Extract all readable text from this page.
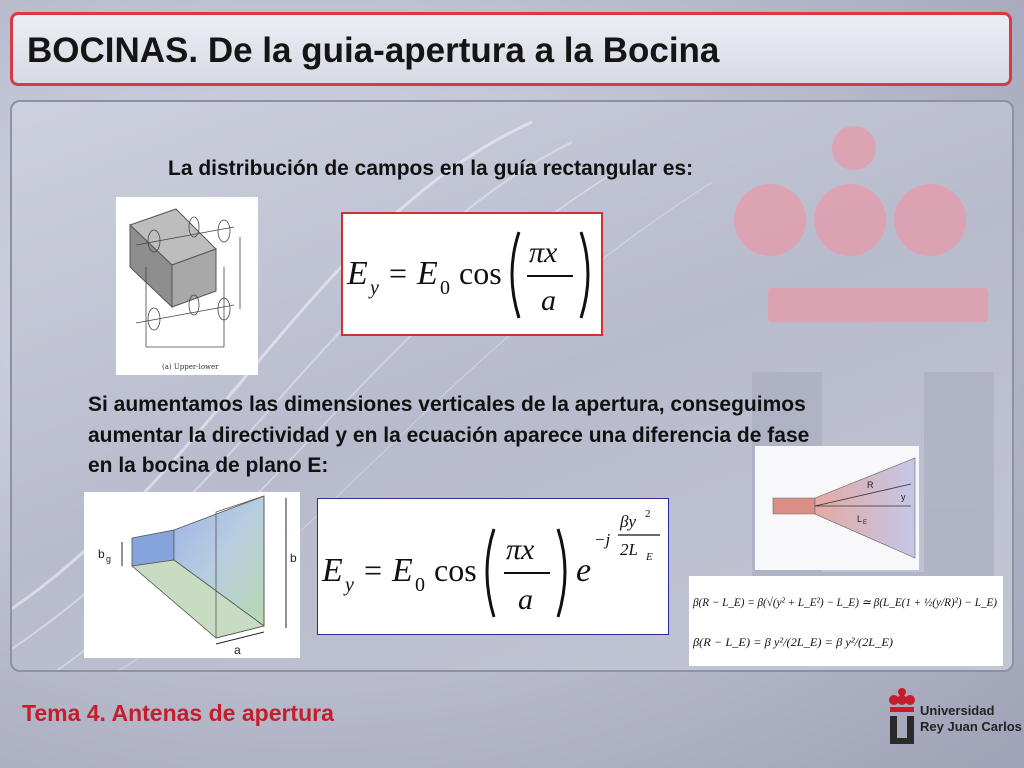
BOCINAS. De la guia-apertura a la Bocina
La distribución de campos en la guía rectangular es:
(a) Upper-lower
E y = E 0 cos
πx
a
Si aumentamos las dimensiones verticales de la apertura, conseguimos
aumentar la directividad y en la ecuación aparece una diferencia de fase
en la bocina de plano E:
b g	b
a
E y = E 0 cos
πx
a
e
−j
βy 2
2L E
R
y
L E
β(R − L_E) = β(√(y² + L_E²) − L_E) ≃ β(L_E(1 + ½(y/R)²) − L_E)
β(R − L_E) = β y²/(2L_E) = β y²/(2L_E)
Tema 4. Antenas de apertura	Universidad
Rey Juan Carlos
